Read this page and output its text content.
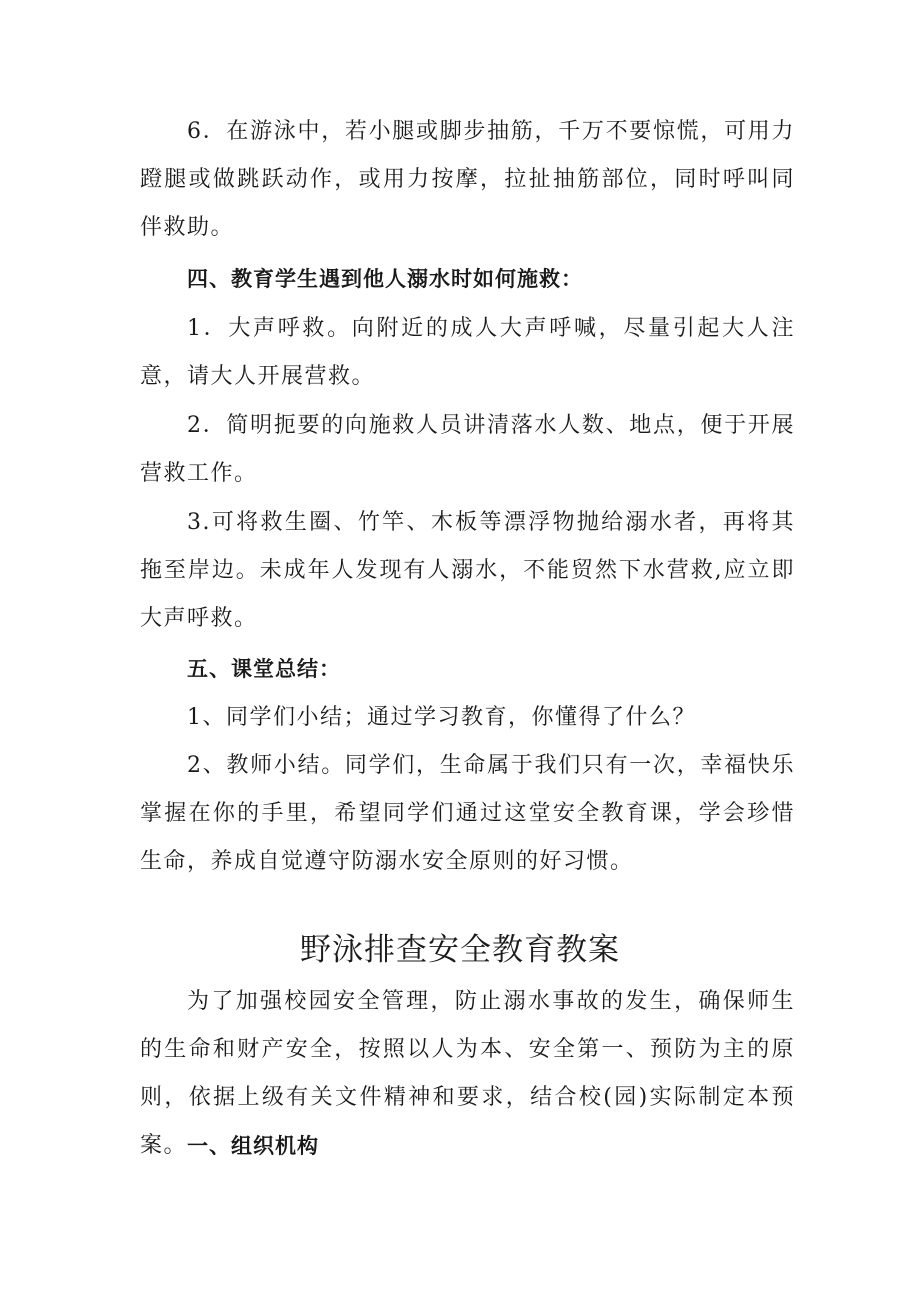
6．在游泳中，若小腿或脚步抽筋，千万不要惊慌，可用力蹬腿或做跳跃动作，或用力按摩，拉扯抽筋部位，同时呼叫同伴救助。

四、教育学生遇到他人溺水时如何施救：

1．大声呼救。向附近的成人大声呼喊，尽量引起大人注意，请大人开展营救。

2．简明扼要的向施救人员讲清落水人数、地点，便于开展营救工作。

3.可将救生圈、竹竿、木板等漂浮物抛给溺水者，再将其拖至岸边。未成年人发现有人溺水，不能贸然下水营救,应立即大声呼救。

五、课堂总结：

1、同学们小结；通过学习教育，你懂得了什么？

2、教师小结。同学们，生命属于我们只有一次，幸福快乐掌握在你的手里，希望同学们通过这堂安全教育课，学会珍惜生命，养成自觉遵守防溺水安全原则的好习惯。

野泳排查安全教育教案

为了加强校园安全管理，防止溺水事故的发生，确保师生的生命和财产安全，按照以人为本、安全第一、预防为主的原则，依据上级有关文件精神和要求，结合校(园)实际制定本预案。 一、组织机构
